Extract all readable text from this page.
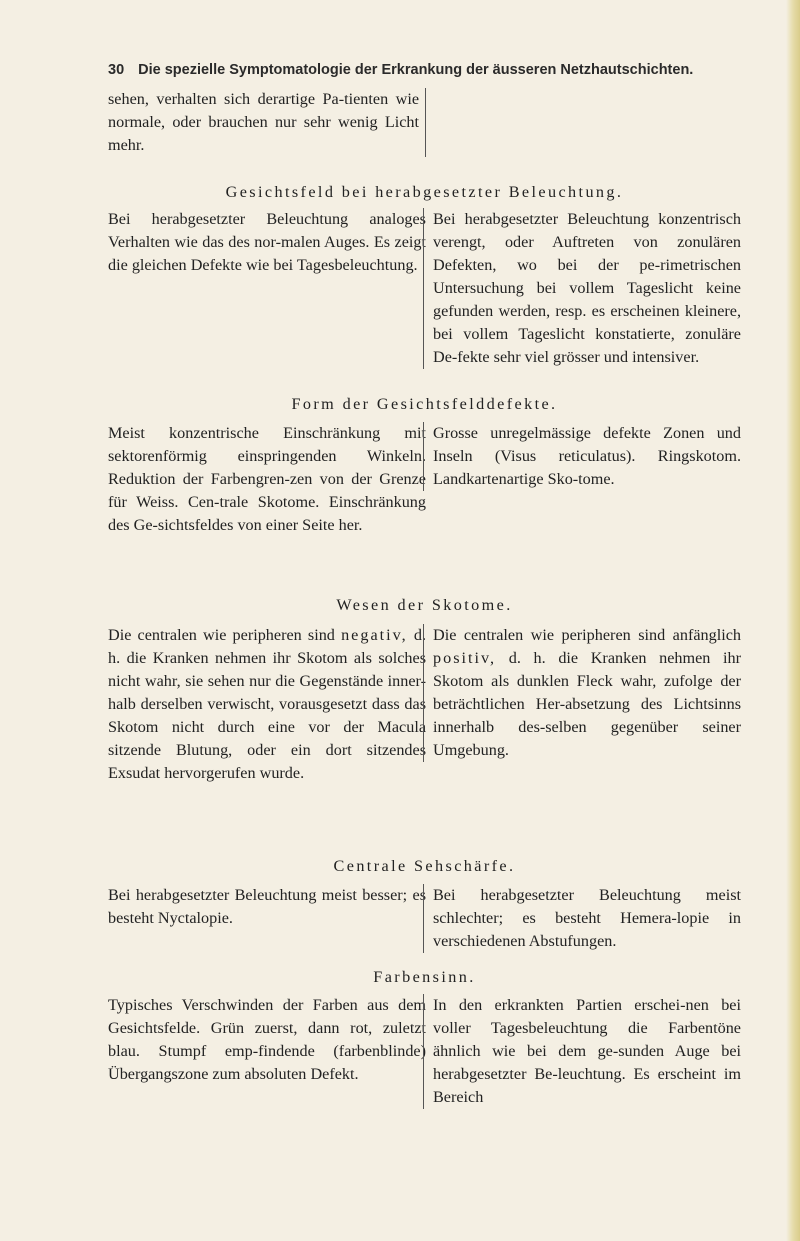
30 Die spezielle Symptomatologie der Erkrankung der äusseren Netzhautschichten.

sehen, verhalten sich derartige Pa-tienten wie normale, oder brauchen nur sehr wenig Licht mehr.

Gesichtsfeld bei herabgesetzter Beleuchtung.

Bei herabgesetzter Beleuchtung analoges Verhalten wie das des nor-malen Auges. Es zeigt die gleichen Defekte wie bei Tagesbeleuchtung.

Bei herabgesetzter Beleuchtung konzentrisch verengt, oder Auftreten von zonulären Defekten, wo bei der pe-rimetrischen Untersuchung bei vollem Tageslicht keine gefunden werden, resp. es erscheinen kleinere, bei vollem Tageslicht konstatierte, zonuläre De-fekte sehr viel grösser und intensiver.

Form der Gesichtsfelddefekte.

Meist konzentrische Einschränkung mit sektorenförmig einspringenden Winkeln. Reduktion der Farbengren-zen von der Grenze für Weiss. Cen-trale Skotome. Einschränkung des Ge-sichtsfeldes von einer Seite her.

Grosse unregelmässige defekte Zonen und Inseln (Visus reticulatus). Ringskotom. Landkartenartige Sko-tome.

Wesen der Skotome.

Die centralen wie peripheren sind negativ, d. h. die Kranken nehmen ihr Skotom als solches nicht wahr, sie sehen nur die Gegenstände inner-halb derselben verwischt, vorausgesetzt dass das Skotom nicht durch eine vor der Macula sitzende Blutung, oder ein dort sitzendes Exsudat hervorgerufen wurde.

Die centralen wie peripheren sind anfänglich positiv, d. h. die Kranken nehmen ihr Skotom als dunklen Fleck wahr, zufolge der beträchtlichen Her-absetzung des Lichtsinns innerhalb des-selben gegenüber seiner Umgebung.

Centrale Sehschärfe.

Bei herabgesetzter Beleuchtung meist besser; es besteht Nyctalopie.

Bei herabgesetzter Beleuchtung meist schlechter; es besteht Hemera-lopie in verschiedenen Abstufungen.

Farbensinn.

Typisches Verschwinden der Farben aus dem Gesichtsfelde. Grün zuerst, dann rot, zuletzt blau. Stumpf emp-findende (farbenblinde) Übergangszone zum absoluten Defekt.

In den erkrankten Partien erschei-nen bei voller Tagesbeleuchtung die Farbentöne ähnlich wie bei dem ge-sunden Auge bei herabgesetzter Be-leuchtung. Es erscheint im Bereich
